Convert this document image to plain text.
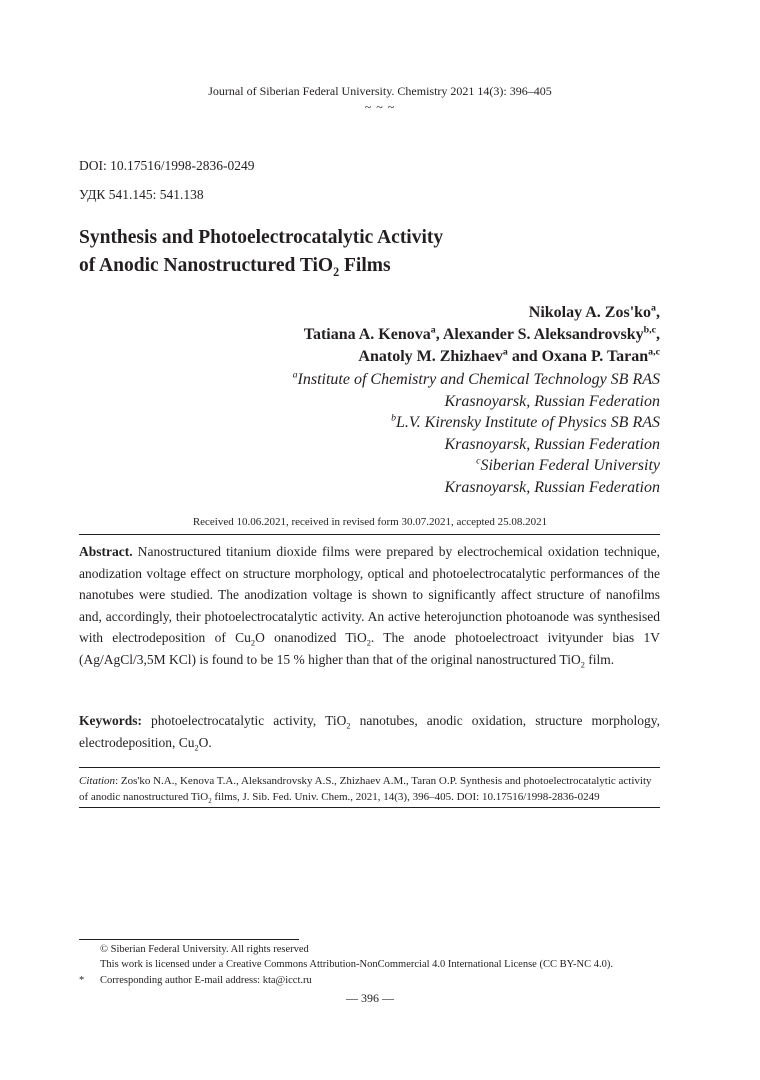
Journal of Siberian Federal University. Chemistry 2021 14(3): 396–405
~ ~ ~
DOI: 10.17516/1998-2836-0249
УДК 541.145: 541.138
Synthesis and Photoelectrocatalytic Activity
of Anodic Nanostructured TiO$_2$ Films
Nikolay A. $Zos'ko^a$,
Tatiana A. Kenova$^a$, Alexander S. Aleksandrovsky$^{b,c}$,
Anatoly M. Zhizhaev$^a$ and Oxana P. Taran$^{a,c}$
$^a$Institute of Chemistry and Chemical Technology SB RAS
Krasnoyarsk, Russian Federation
$^b$L.V. Kirensky Institute of Physics SB RAS
Krasnoyarsk, Russian Federation
$^c$Siberian Federal University
Krasnoyarsk, Russian Federation
Received 10.06.2021, received in revised form 30.07.2021, accepted 25.08.2021
Abstract. Nanostructured titanium dioxide films were prepared by electrochemical oxidation technique, anodization voltage effect on structure morphology, optical and photoelectrocatalytic performances of the nanotubes were studied. The anodization voltage is shown to significantly affect structure of nanofilms and, accordingly, their photoelectrocatalytic activity. An active heterojunction photoanode was synthesised with electrodeposition of $Cu_2O$ onanodized TiO$_2$. The anode photoelectroact ivityunder bias 1V (Ag/AgCl/3,5M KCl) is found to be 15 % higher than that of the original nanostructured TiO$_2$ film.
Keywords: photoelectrocatalytic activity, TiO$_2$ nanotubes, anodic oxidation, structure morphology, electrodeposition, $Cu_2O$.
Citation: Zos'ko N.A., Kenova T.A., Aleksandrovsky A.S., Zhizhaev A.M., Taran O.P. Synthesis and photoelectrocatalytic activity of anodic nanostructured TiO$_2$ films, J. Sib. Fed. Univ. Chem., 2021, 14(3), 396–405. DOI: 10.17516/1998-2836-0249
© Siberian Federal University. All rights reserved
This work is licensed under a Creative Commons Attribution-NonCommercial 4.0 International License (CC BY-NC 4.0).
*	Corresponding author E-mail address: kta@icct.ru
— 396 —
